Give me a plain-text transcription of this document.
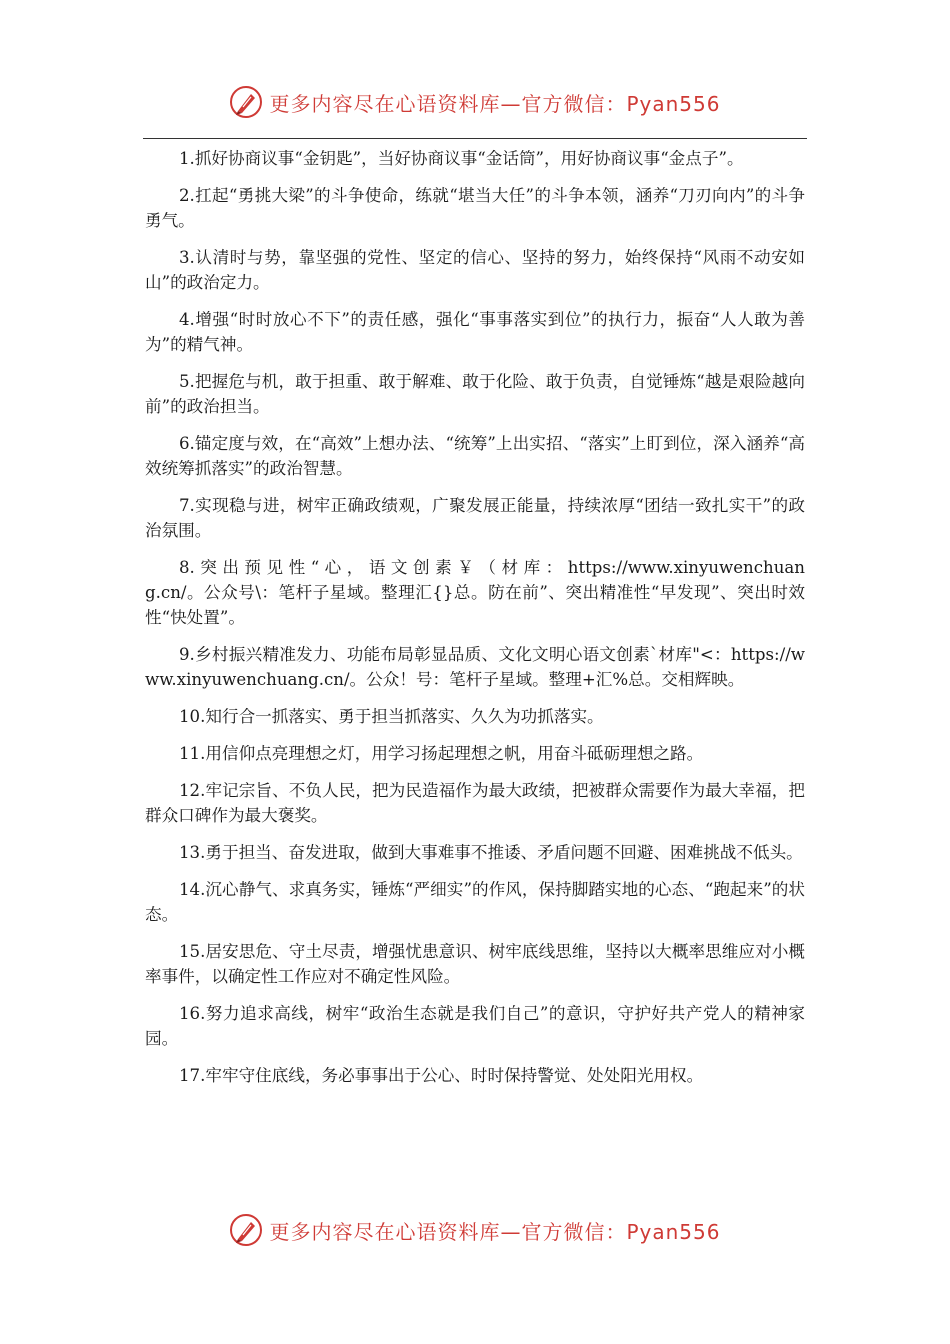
更多内容尽在心语资料库—官方微信：Pyan556

1.抓好协商议事“金钥匙”，当好协商议事“金话筒”，用好协商议事“金点子”。

2.扛起“勇挑大梁”的斗争使命，练就“堪当大任”的斗争本领，涵养“刀刃向内”的斗争勇气。

3.认清时与势，靠坚强的党性、坚定的信心、坚持的努力，始终保持“风雨不动安如山”的政治定力。

4.增强“时时放心不下”的责任感，强化“事事落实到位”的执行力，振奋“人人敢为善为”的精气神。

5.把握危与机，敢于担重、敢于解难、敢于化险、敢于负责，自觉锤炼“越是艰险越向前”的政治担当。

6.锚定度与效，在“高效”上想办法、“统筹”上出实招、“落实”上盯到位，深入涵养“高效统筹抓落实”的政治智慧。

7.实现稳与进，树牢正确政绩观，广聚发展正能量，持续浓厚“团结一致扎实干”的政治氛围。

8. 突 出 预 见 性 “ 心 ， 语 文 创 素 ￥ （ 材 库 ： https://www.xinyuwenchuang.cn/。公众号\：笔杆子星域。整理汇{}总。防在前”、突出精准性“早发现”、突出时效性“快处置”。

9.乡村振兴精准发力、功能布局彰显品质、文化文明心语文创素`材库"<：https://www.xinyuwenchuang.cn/。公众！号：笔杆子星域。整理+汇%总。交相辉映。

10.知行合一抓落实、勇于担当抓落实、久久为功抓落实。

11.用信仰点亮理想之灯，用学习扬起理想之帆，用奋斗砥砺理想之路。

12.牢记宗旨、不负人民，把为民造福作为最大政绩，把被群众需要作为最大幸福，把群众口碑作为最大褒奖。

13.勇于担当、奋发进取，做到大事难事不推诿、矛盾问题不回避、困难挑战不低头。

14.沉心静气、求真务实，锤炼“严细实”的作风，保持脚踏实地的心态、“跑起来”的状态。

15.居安思危、守土尽责，增强忧患意识、树牢底线思维，坚持以大概率思维应对小概率事件，以确定性工作应对不确定性风险。

16.努力追求高线，树牢“政治生态就是我们自己”的意识，守护好共产党人的精神家园。

17.牢牢守住底线，务必事事出于公心、时时保持警觉、处处阳光用权。

更多内容尽在心语资料库—官方微信：Pyan556
